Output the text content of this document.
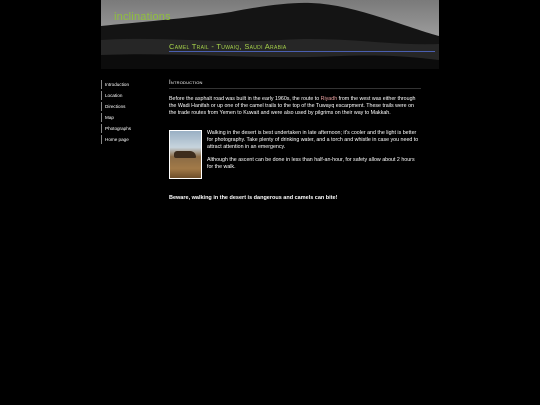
inclinations
Camel Trail - Tuwaiq, Saudi Arabia
Introduction
Location
Directions
Map
Photographs
Home page
Introduction

Before the asphalt road was built in the early 1960s, the route to Riyadh from the west was either through the Wadi Hanifah or up one of the camel trails to the top of the Tuwayq escarpment. These trails were on the trade routes from Yemen to Kuwait and were also used by pilgrims on their way to Makkah.

Walking in the desert is best undertaken in late afternoon; it's cooler and the light is better for photography. Take plenty of drinking water, and a torch and whistle in case you need to attract attention in an emergency.

Although the ascent can be done in less than half-an-hour, for safety allow about 2 hours for the walk.

Beware, walking in the desert is dangerous and camels can bite!
